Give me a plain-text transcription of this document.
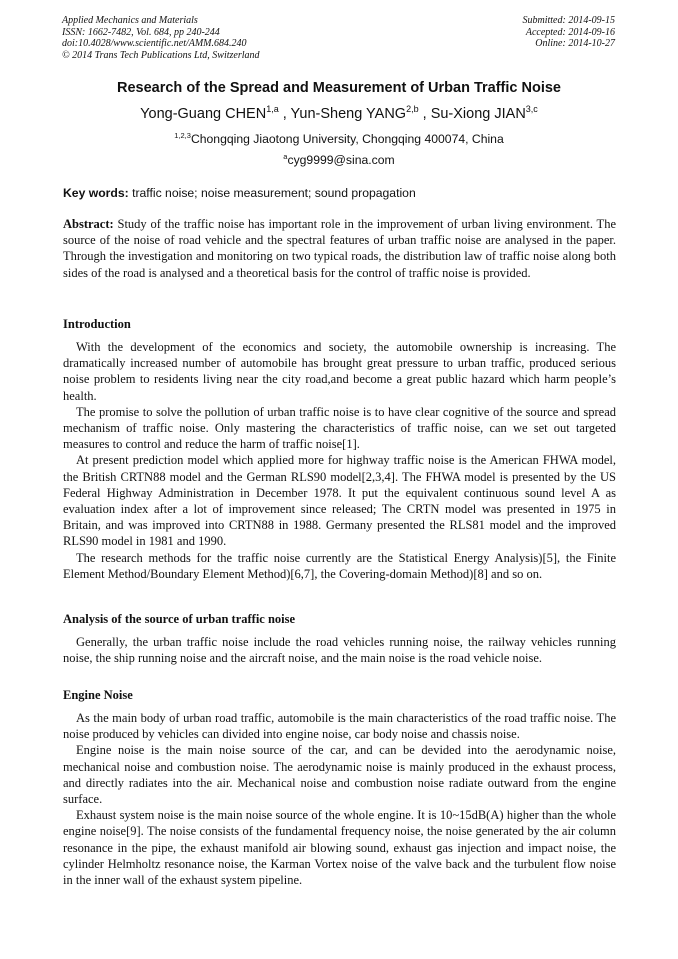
Applied Mechanics and Materials
ISSN: 1662-7482, Vol. 684, pp 240-244
doi:10.4028/www.scientific.net/AMM.684.240
© 2014 Trans Tech Publications Ltd, Switzerland
Submitted: 2014-09-15
Accepted: 2014-09-16
Online: 2014-10-27
Research of the Spread and Measurement of Urban Traffic Noise
Yong-Guang CHEN$^{1,a}$ , Yun-Sheng YANG$^{2,b}$ , Su-Xiong JIAN$^{3,c}$
$^{1,2,3}$Chongqing Jiaotong University, Chongqing 400074, China
$^a$cyg9999@sina.com
Key words: traffic noise; noise measurement; sound propagation

Abstract: Study of the traffic noise has important role in the improvement of urban living environment. The source of the noise of road vehicle and the spectral features of urban traffic noise are analysed in the paper. Through the investigation and monitoring on two typical roads, the distribution law of traffic noise along both sides of the road is analysed and a theoretical basis for the control of traffic noise is provided.

Introduction

With the development of the economics and society, the automobile ownership is increasing. The dramatically increased number of automobile has brought great pressure to urban traffic, produced serious noise problem to residents living near the city road,and become a great public hazard which harm people’s health.

The promise to solve the pollution of urban traffic noise is to have clear cognitive of the source and spread mechanism of traffic noise. Only mastering the characteristics of traffic noise, can we set out targeted measures to control and reduce the harm of traffic noise[1].

At present prediction model which applied more for highway traffic noise is the American FHWA model, the British CRTN88 model and the German RLS90 model[2,3,4]. The FHWA model is presented by the US Federal Highway Administration in December 1978. It put the equivalent continuous sound level A as evaluation index after a lot of improvement since released; The CRTN model was presented in 1975 in Britain, and was improved into CRTN88 in 1988. Germany presented the RLS81 model and the improved RLS90 model in 1981 and 1990.

The research methods for the traffic noise currently are the Statistical Energy Analysis)[5], the Finite Element Method/Boundary Element Method)[6,7], the Covering-domain Method)[8] and so on.

Analysis of the source of urban traffic noise

Generally, the urban traffic noise include the road vehicles running noise, the railway vehicles running noise, the ship running noise and the aircraft noise, and the main noise is the road vehicle noise.

Engine Noise

As the main body of urban road traffic, automobile is the main characteristics of the road traffic noise. The noise produced by vehicles can divided into engine noise, car body noise and chassis noise.

Engine noise is the main noise source of the car, and can be devided into the aerodynamic noise, mechanical noise and combustion noise. The aerodynamic noise is mainly produced in the exhaust process, and directly radiates into the air. Mechanical noise and combustion noise radiate outward from the engine surface.

Exhaust system noise is the main noise source of the whole engine. It is 10~15dB(A) higher than the whole engine noise[9]. The noise consists of the fundamental frequency noise, the noise generated by the air column resonance in the pipe, the exhaust manifold air blowing sound, exhaust gas injection and impact noise, the cylinder Helmholtz resonance noise, the Karman Vortex noise of the valve back and the turbulent flow noise in the inner wall of the exhaust system pipeline.
